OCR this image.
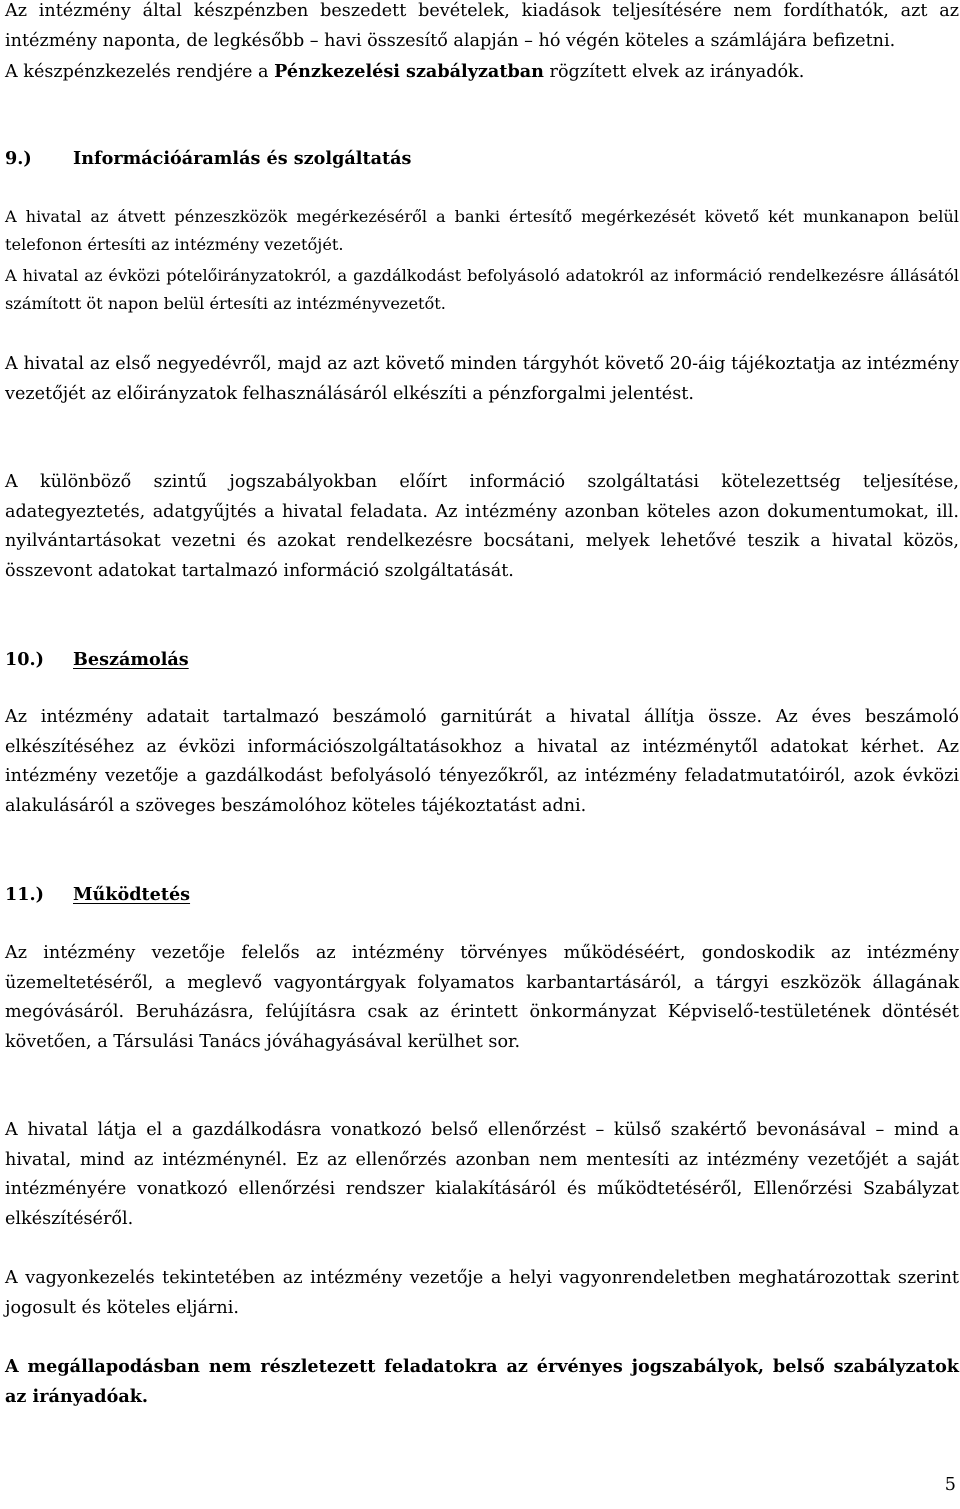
Az intézmény által készpénzben beszedett bevételek, kiadások teljesítésére nem fordíthatók, azt az intézmény naponta, de legkésőbb – havi összesítő alapján – hó végén köteles a számlájára befizetni.

A készpénzkezelés rendjére a Pénzkezelési szabályzatban rögzített elvek az irányadók.

9.) Információáramlás és szolgáltatás

A hivatal az átvett pénzeszközök megérkezéséről a banki értesítő megérkezését követő két munkanapon belül telefonon értesíti az intézmény vezetőjét.

A hivatal az évközi pótelőirányzatokról, a gazdálkodást befolyásoló adatokról az információ rendelkezésre állásától számított öt napon belül értesíti az intézményvezetőt.

A hivatal az első negyedévről, majd az azt követő minden tárgyhót követő 20-áig tájékoztatja az intézmény vezetőjét az előirányzatok felhasználásáról elkészíti a pénzforgalmi jelentést.

A különböző szintű jogszabályokban előírt információ szolgáltatási kötelezettség teljesítése, adategyeztetés, adatgyűjtés a hivatal feladata. Az intézmény azonban köteles azon dokumentumokat, ill. nyilvántartásokat vezetni és azokat rendelkezésre bocsátani, melyek lehetővé teszik a hivatal közös, összevont adatokat tartalmazó információ szolgáltatását.

10.) Beszámolás

Az intézmény adatait tartalmazó beszámoló garnitúrát a hivatal állítja össze. Az éves beszámoló elkészítéséhez az évközi információszolgáltatásokhoz a hivatal az intézménytől adatokat kérhet. Az intézmény vezetője a gazdálkodást befolyásoló tényezőkről, az intézmény feladatmutatóiról, azok évközi alakulásáról a szöveges beszámolóhoz köteles tájékoztatást adni.

11.) Működtetés

Az intézmény vezetője felelős az intézmény törvényes működéséért, gondoskodik az intézmény üzemeltetéséről, a meglevő vagyontárgyak folyamatos karbantartásáról, a tárgyi eszközök állagának megóvásáról. Beruházásra, felújításra csak az érintett önkormányzat Képviselő-testületének döntését követően, a Társulási Tanács jóváhagyásával kerülhet sor.

A hivatal látja el a gazdálkodásra vonatkozó belső ellenőrzést – külső szakértő bevonásával – mind a hivatal, mind az intézménynél. Ez az ellenőrzés azonban nem mentesíti az intézmény vezetőjét a saját intézményére vonatkozó ellenőrzési rendszer kialakításáról és működtetéséről, Ellenőrzési Szabályzat elkészítéséről.

A vagyonkezelés tekintetében az intézmény vezetője a helyi vagyonrendeletben meghatározottak szerint jogosult és köteles eljárni.

A megállapodásban nem részletezett feladatokra az érvényes jogszabályok, belső szabályzatok az irányadóak.

5
